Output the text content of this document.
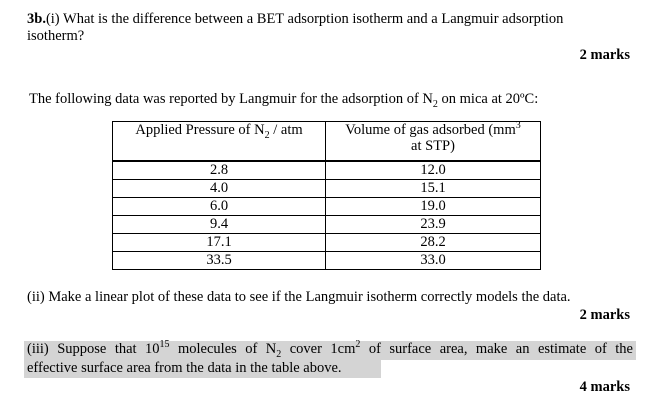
3b.(i) What is the difference between a BET adsorption isotherm and a Langmuir adsorption
isotherm?
2 marks
The following data was reported by Langmuir for the adsorption of $N_2$ on mica at 20ºC:
Applied Pressure of $N_2$ / atm	Volume of gas adsorbed ($mm^3$
at STP)
2.8	12.0
4.0	15.1
6.0	19.0
9.4	23.9
17.1	28.2
33.5	33.0
(ii) Make a linear plot of these data to see if the Langmuir isotherm correctly models the data.
2 marks
(iii) Suppose that $10^{15}$ molecules of $N_2$ cover $1cm^2$ of surface area, make an estimate of the
effective surface area from the data in the table above.
4 marks
